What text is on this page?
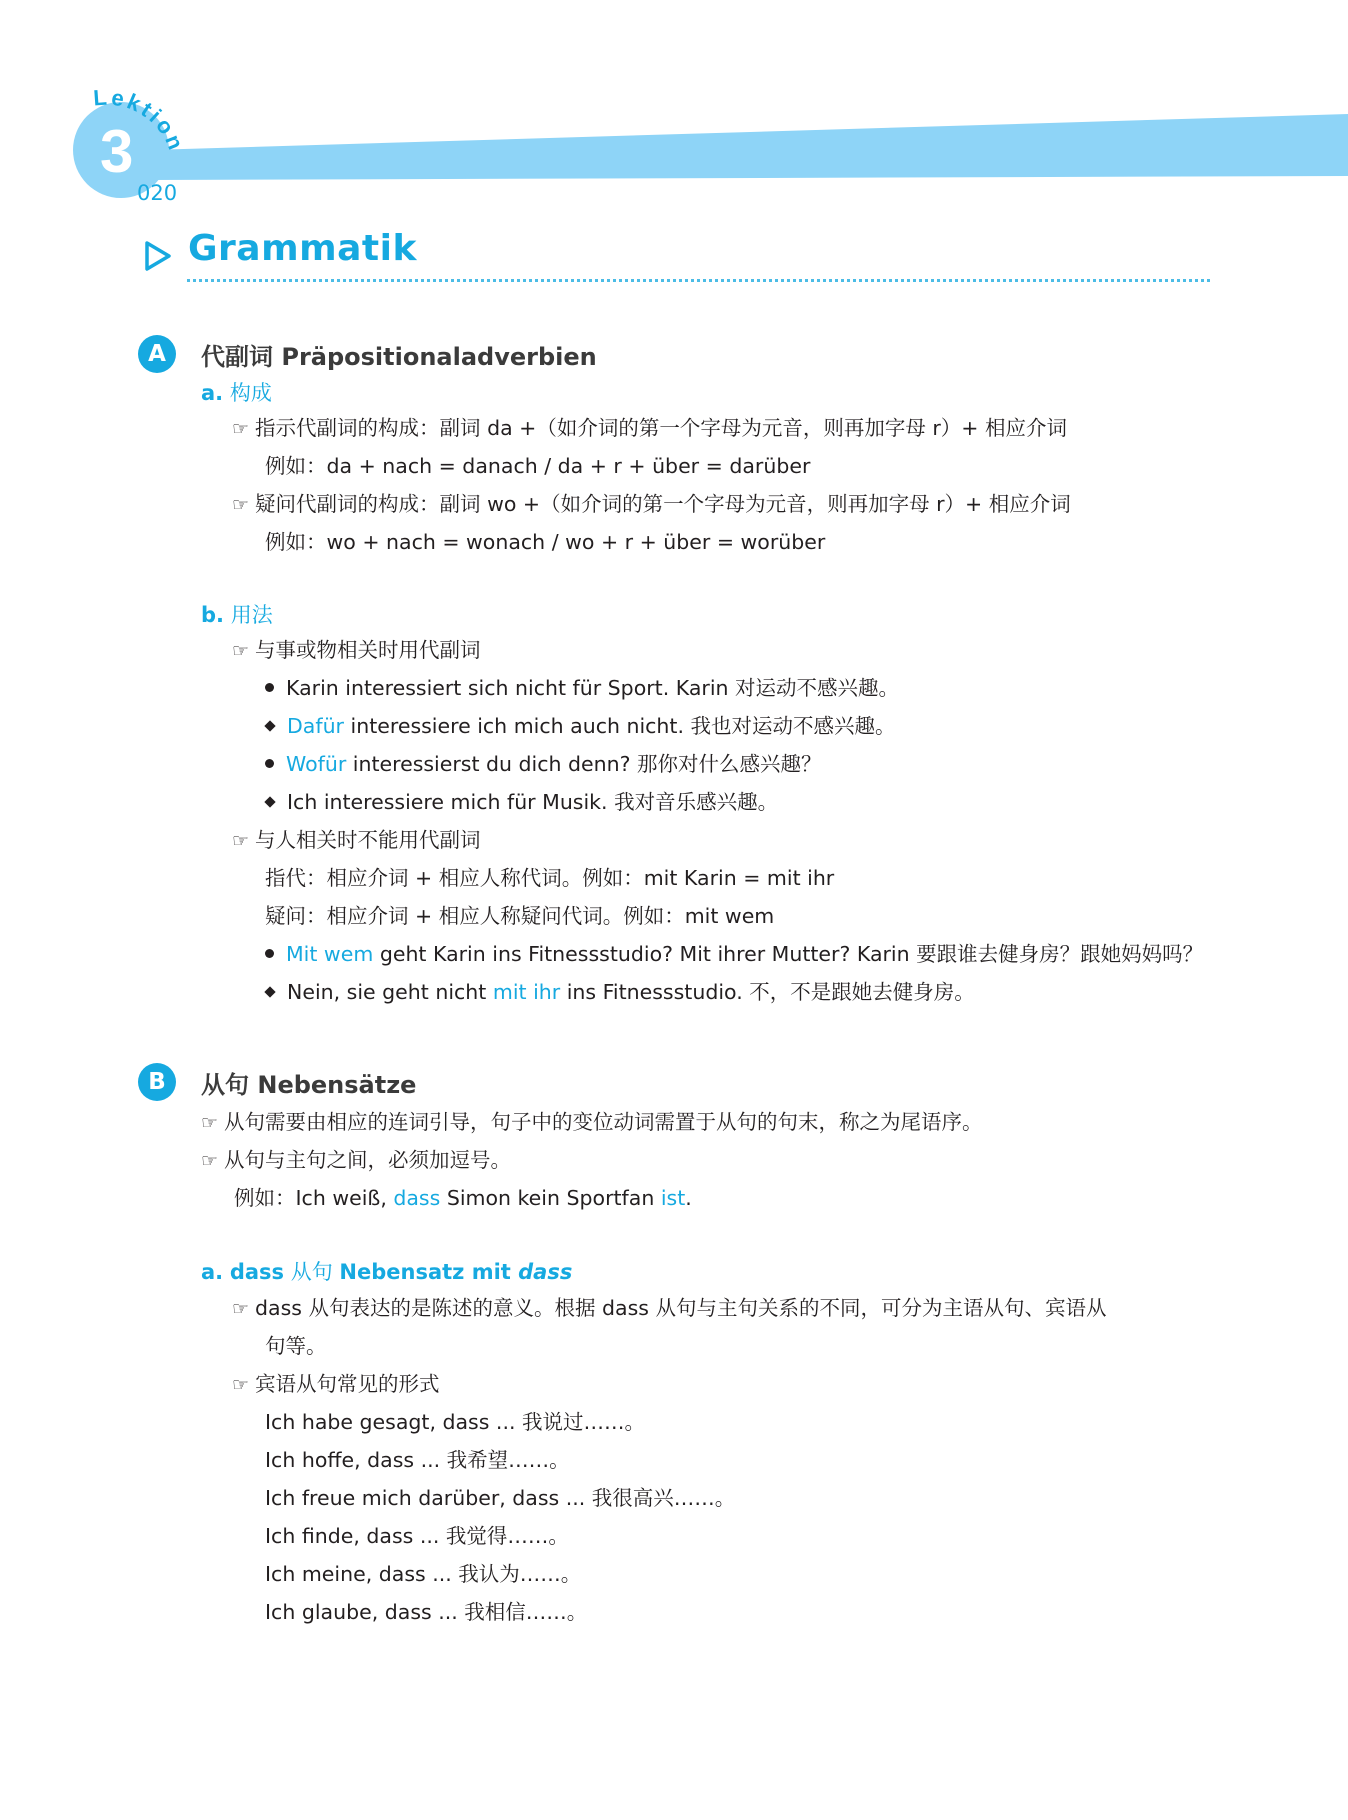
3
Lektion
020
Grammatik
A	代副词 Präpositionaladverbien
a. 构成
☞ 指示代副词的构成：副词 da +（如介词的第一个字母为元音，则再加字母 r）+ 相应介词
例如：da + nach = danach / da + r + über = darüber
☞ 疑问代副词的构成：副词 wo +（如介词的第一个字母为元音，则再加字母 r）+ 相应介词
例如：wo + nach = wonach / wo + r + über = worüber
b. 用法
☞ 与事或物相关时用代副词
Karin interessiert sich nicht für Sport. Karin 对运动不感兴趣。
Dafür interessiere ich mich auch nicht. 我也对运动不感兴趣。
Wofür interessierst du dich denn? 那你对什么感兴趣？
Ich interessiere mich für Musik. 我对音乐感兴趣。
☞ 与人相关时不能用代副词
指代：相应介词 + 相应人称代词。例如：mit Karin = mit ihr
疑问：相应介词 + 相应人称疑问代词。例如：mit wem
Mit wem geht Karin ins Fitnessstudio? Mit ihrer Mutter? Karin 要跟谁去健身房？跟她妈妈吗？
Nein, sie geht nicht mit ihr ins Fitnessstudio. 不，不是跟她去健身房。
B	从句 Nebensätze
☞ 从句需要由相应的连词引导，句子中的变位动词需置于从句的句末，称之为尾语序。
☞ 从句与主句之间，必须加逗号。
例如：Ich weiß, dass Simon kein Sportfan ist.
a. dass 从句 Nebensatz mit dass
☞ dass 从句表达的是陈述的意义。根据 dass 从句与主句关系的不同，可分为主语从句、宾语从
句等。
☞ 宾语从句常见的形式
Ich habe gesagt, dass ... 我说过……。
Ich hoffe, dass ... 我希望……。
Ich freue mich darüber, dass ... 我很高兴……。
Ich finde, dass ... 我觉得……。
Ich meine, dass ... 我认为……。
Ich glaube, dass ... 我相信……。
